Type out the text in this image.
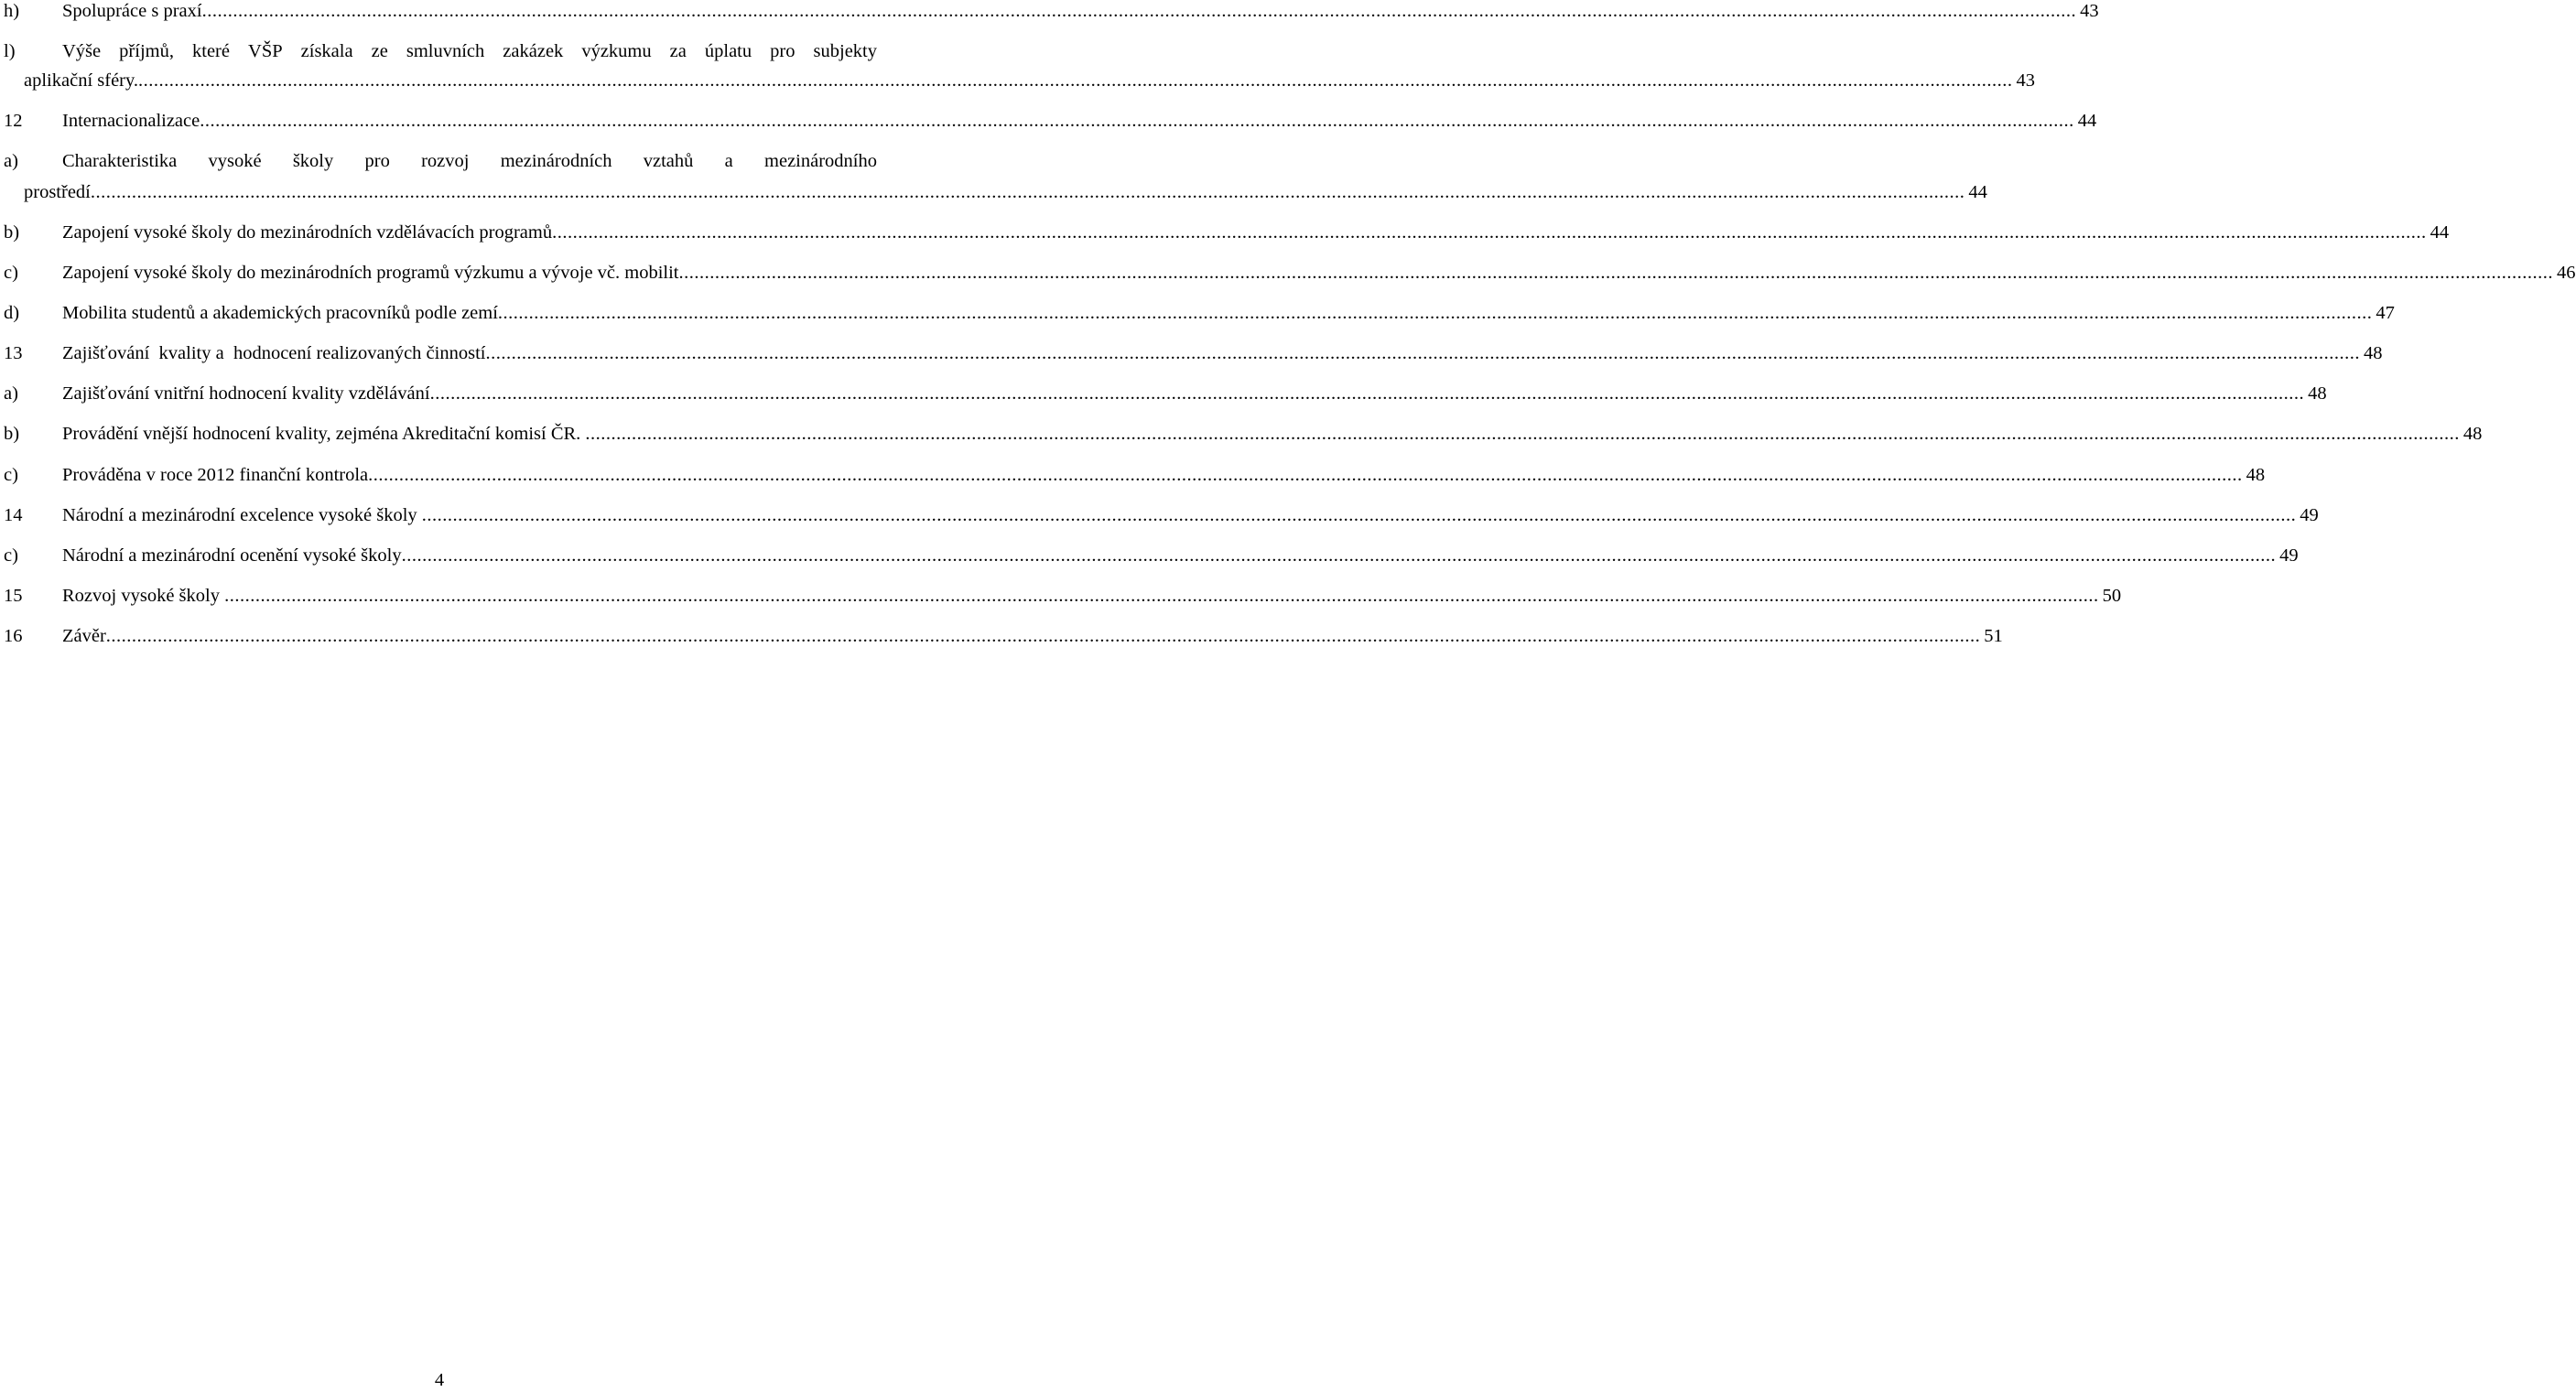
h) Spolupráce s praxí .....	43
l)	Výše příjmů, které VŠP získala ze smluvních zakázek výzkumu za úplatu pro subjekty
aplikační sféry. .....	43
12 Internacionalizace .....	44
a) Charakteristika vysoké školy pro rozvoj mezinárodních vztahů a mezinárodního
prostředí .....	44
b) Zapojení vysoké školy do mezinárodních vzdělávacích programů .....	44
c) Zapojení vysoké školy do mezinárodních programů výzkumu a vývoje vč. mobilit .....	46
d) Mobilita studentů a akademických pracovníků podle zemí .....	47
13 Zajišťování  kvality a  hodnocení realizovaných činností .....	48
a) Zajišťování vnitřní hodnocení kvality vzdělávání .....	48
b) Provádění vnější hodnocení kvality, zejména Akreditační komisí ČR. .....	48
c) Prováděna v roce 2012 finanční kontrola .....	48
14 Národní a mezinárodní excelence vysoké školy .....	49
c) Národní a mezinárodní ocenění vysoké školy .....	49
15 Rozvoj vysoké školy .....	50
16 Závěr .....	51
4
